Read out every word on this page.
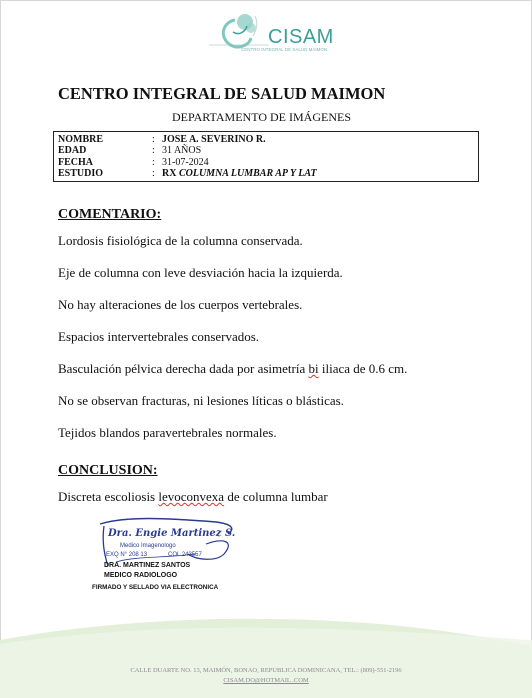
CISAM
CENTRO INTEGRAL DE SALUD MAIMON
CENTRO INTEGRAL DE SALUD MAIMON
DEPARTAMENTO DE IMÁGENES
NOMBRE	: JOSE A. SEVERINO R.
EDAD	: 31 AÑOS
FECHA	: 31-07-2024
ESTUDIO	: RX COLUMNA LUMBAR AP Y LAT
COMENTARIO:
Lordosis fisiológica de la columna conservada.
Eje de columna con leve desviación hacia la izquierda.
No hay alteraciones de los cuerpos vertebrales.
Espacios intervertebrales conservados.
Basculación pélvica derecha dada por asimetría bi iliaca de 0.6 cm.
No se observan fracturas, ni lesiones líticas o blásticas.
Tejidos blandos paravertebrales normales.
CONCLUSION:
Discreta escoliosis levoconvexa de columna lumbar
Dra. Engie Martinez S.
Medico Imagenologo
EXQ N° 208 13	COL 243557
DRA. MARTINEZ SANTOS
MEDICO RADIOLOGO
FIRMADO Y SELLADO VIA ELECTRONICA
CALLE DUARTE NO. 13, MAIMÓN, BONAO, REPUBLICA DOMINICANA, TEL.: (809)-551-2196
CISAM.DO@HOTMAIL .COM
